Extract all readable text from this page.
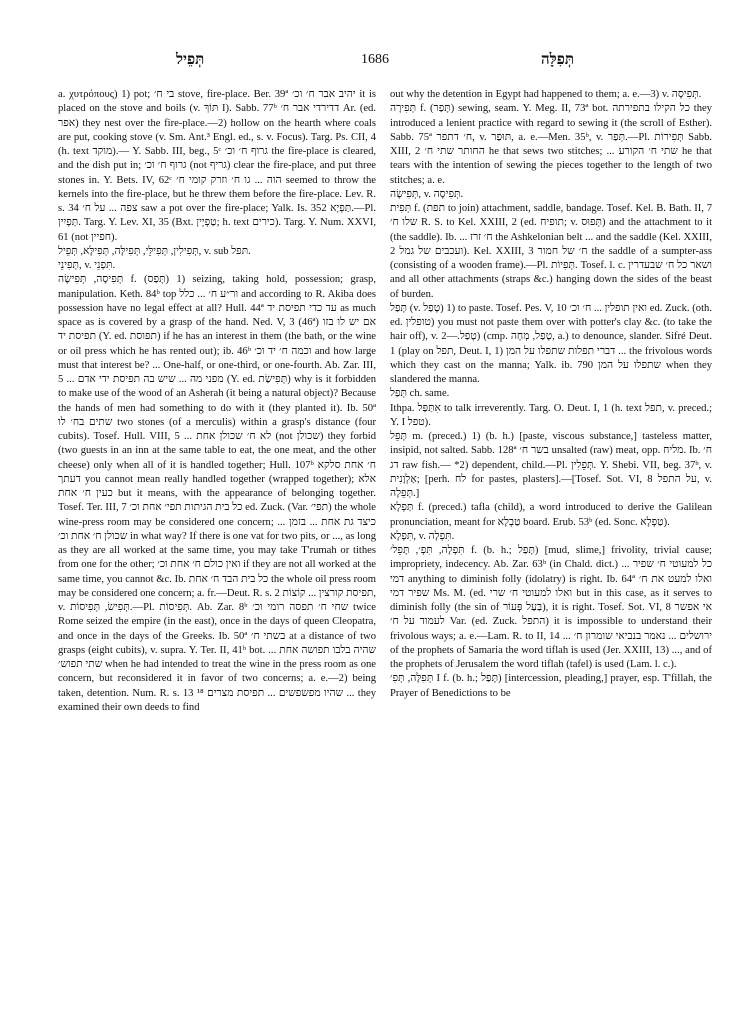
תְּפֵיל	1686	תְּפִלָּה

a. χυτρόπους) 1) pot; בי ח׳ stove, fire-place. Ber. 39ª יהיב אבר ח׳ וכ׳ it is placed on the stove and boils (v. תּוֹךְ I). Sabb. 77ᵇ דדירדי אבר ח׳ Ar. (ed. אפר) they nest over the fire-place.—2) hollow on the hearth where coals are put, cooking stove (v. Sm. Ant.³ Engl. ed., s. v. Focus). Targ. Ps. CII, 4 (h. text מוקד).— Y. Sabb. III, beg., 5ᶜ גרוף ח׳ וכ׳ the fire-place is cleared, and the dish put in; גרוף ח׳ וכ׳ (not גריף) clear the fire-place, and put three stones in. Y. Bets. IV, 62ᶜ הוה ... גו ח׳ וזרק קומי ח׳ seemed to throw the kernels into the fire-place, but he threw them before the fire-place. Lev. R. s. 34 צפה ... על ח׳ saw a pot over the fire-place; Yalk. Is. 352 תַּפְיָא.—Pl. תַּפְיִין. Targ. Y. Lev. XI, 35 (Bxt. טַפְיָין; h. text כירים). Targ. Y. Num. XXVI, 61 (not חפיין).

תְּפִילִין, תְּפִילֵּי, תְּפִילָּה, תְּפִילָּא, תְּפֵיל, v. sub תּפל.

תְּפִינֵי, v. תִּפְנֵי.

תְּפִיסָה, תְּפִישָׂה f. (תָּפַס) 1) seizing, taking hold, possession; grasp, manipulation. Keth. 84ᵇ top ור״ע ח׳ ... כלל and according to R. Akiba does possession have no legal effect at all? Hull. 44ª עד כדי תפיסת יד as much space as is covered by a grasp of the hand. Ned. V, 3 (46ª) אם יש לו בזו תפיסת יד (Y. ed. תפוסת) if he has an interest in them (the bath, or the wine or oil press which he has rented out); ib. 46ᵇ וכמה ח׳ יד וכ׳ and how large must that interest be? ... One-half, or one-third, or one-fourth. Ab. Zar. III, 5 ... מפני מה ... שיש בה תפיסת ידי אדם (Y. ed. תְּפִישַׂת) why is it forbidden to make use of the wood of an Asherah (it being a natural object)? Because the hands of men had something to do with it (they planted it). Ib. 50ª שתים בח׳ לו two stones (of a merculis) within a grasp's distance (four cubits). Tosef. Hull. VIII, 5 ... לא ח׳ שכולן אחת (not שכולן) they forbid (two guests in an inn at the same table to eat, the one meat, and the other cheese) only when all of it is handled together; Hull. 107ᵇ ח׳ אחת סלקא דעתך you cannot mean really handled together (wrapped together); אלא כעין ח׳ אחת but it means, with the appearance of belonging together. Tosef. Ter. III, 7 כל בית הגיתות תפי׳ אחת וכ׳ ed. Zuck. (Var. תפי׳) the whole wine-press room may be considered one concern; ... כיצד גת אחת ... בזמן שכולן ח׳ אחת וכ׳ in what way? If there is one vat for two pits, or ..., as long as they are all worked at the same time, you may take T'rumah or tithes from one for the other; ואין כולם ח׳ אחת וכ׳ if they are not all worked at the same time, you cannot &c. Ib. כל בית הבד ח׳ אחת the whole oil press room may be considered one concern; a. fr.—Deut. R. s. 2 תפיסת קורצין ... קוֹצוֹת, v. תְּפִישׂ, תְּפִיסוֹת.—Pl. תְּפִיסוֹת. Ab. Zar. 8ᵇ שחי ח׳ תפסה רומי וכ׳ twice Rome seized the empire (in the east), once in the days of queen Cleopatra, and once in the days of the Greeks. Ib. 50ª בשתי ח׳ at a distance of two grasps (eight cubits), v. supra. Y. Ter. II, 41ᵇ bot. שהיה בלבו תפושה אחת ... שתי תפוש׳ when he had intended to treat the wine in the press room as one concern, but reconsidered it in favor of two concerns; a. e.—2) being taken, detention. Num. R. s. 13 ¹⁸ שהיו מפשפשים ... תפיסת מצרים ... they examined their own deeds to find

out why the detention in Egypt had happened to them; a. e.—3) v. תְּפִיסָה.

תְּפִירָה f. (תָּפַר) sewing, seam. Y. Meg. II, 73ª bot. כל הקילו בתפירתה they introduced a lenient practice with regard to sewing it (the scroll of Esther). Sabb. 75ª ח׳ דתפר, v. תּוּפַר, a. e.—Men. 35ᵇ, v. תְּפַר.—Pl. תְּפִירוֹת Sabb. XIII, 2 החותר שתי ח׳ he that sews two stitches; ... שתי ח׳ הקורע he that tears with the intention of sewing the pieces together to the length of two stitches; a. e.

תְּפִישָׂה, v. תְּפִיסָה.

תְּפִית f. (תפת to join) attachment, saddle, bandage. Tosef. Kel. B. Bath. II, 7 שלו ח׳ R. S. to Kel. XXIII, 2 (ed. תופיח; v. תְּפוּס) and the attachment to it (the saddle). Ib. ... ח׳ זרז the Ashkelonian belt ... and the saddle (Kel. XXIII, 2 ועכבים של גמל). Kel. XXIII, 3 ח׳ של חמור the saddle of a sumpter-ass (consisting of a wooden frame).—Pl. תְּפִיוֹת. Tosef. l. c. ושאר כל ח׳ שבעדרין and all other attachments (straps &c.) hanging down the sides of the beast of burden.

תָּפַל (v. טָפַל) 1) to paste. Tosef. Pes. V, 10 ואין תופלין ... ח׳ וכ׳ ed. Zuck. (oth. ed. טופלין) you must not paste them over with potter's clay &c. (to take the hair off), v. טָפַל.—2) (cmp. טָפַל, מְחָה, a.) to denounce, slander. Sifré Deut. 1 (play on תפל, Deut. I, 1) דברי תפלות שתפלו על המן ... the frivolous words which they cast on the manna; Yalk. ib. 790 שתפלו על המן when they slandered the manna.

תְּפַל ch. same.

Ithpa. אִתַּפַּל to talk irreverently. Targ. O. Deut. I, 1 (h. text תפל, v. preced.; Y. I טפל).

תָּפֵל m. (preced.) 1) (b. h.) [paste, viscous substance,] tasteless matter, insipid, not salted. Sabb. 128ª בשר ח׳ unsalted (raw) meat, opp. מליח. Ib. ח׳ דג raw fish.— *2) dependent, child.—Pl. תְּפֵלִין. Y. Shebi. VII, beg. 37ᵇ, v. אַלְוָנִית; [perh. לח for pastes, plasters].—[Tosef. Sot. VI, 8 על התפל, v. תְּפֵלָה.]

תַּפְלָא f. (preced.) tafla (child), a word introduced to derive the Galilean pronunciation, meant for טַבְלָא board. Erub. 53ᵇ (ed. Sonc. טַפְלָא).

תִּפְלָא, v. תִּפְלָה.

תִּפְלָה, תִּפְ׳, תָּפֵל׳ f. (b. h.; תָּפַל) [mud, slime,] frivolity, trivial cause; impropriety, indecency. Ab. Zar. 63ᵇ (in Chald. dict.) ... כל למעוטי ח׳ שפיר דמי anything to diminish folly (idolatry) is right. Ib. 64ª ואלו למעט את ח׳ שפיר דמי Ms. M. (ed. ואלו למעוטי ח׳ שרי but in this case, as it serves to diminish folly (the sin of בַּעַל פְּעוֹר), it is right. Tosef. Sot. VI, 8 אי אפשר לעמוד על ח׳ Var. (ed. Zuck. התפל) it is impossible to understand their frivolous ways; a. e.—Lam. R. to II, 14 ... ירושלים ... נאמר בנביאי שומרון ח׳ of the prophets of Samaria the word tiflah is used (Jer. XXIII, 13) ..., and of the prophets of Jerusalem the word tiflah (tafel) is used (Lam. l. c.).

תְּפִלָּה, תְּפִ׳ I f. (b. h.; תָּפַל) [intercession, pleading,] prayer, esp. T'fillah, the Prayer of Benedictions to be
